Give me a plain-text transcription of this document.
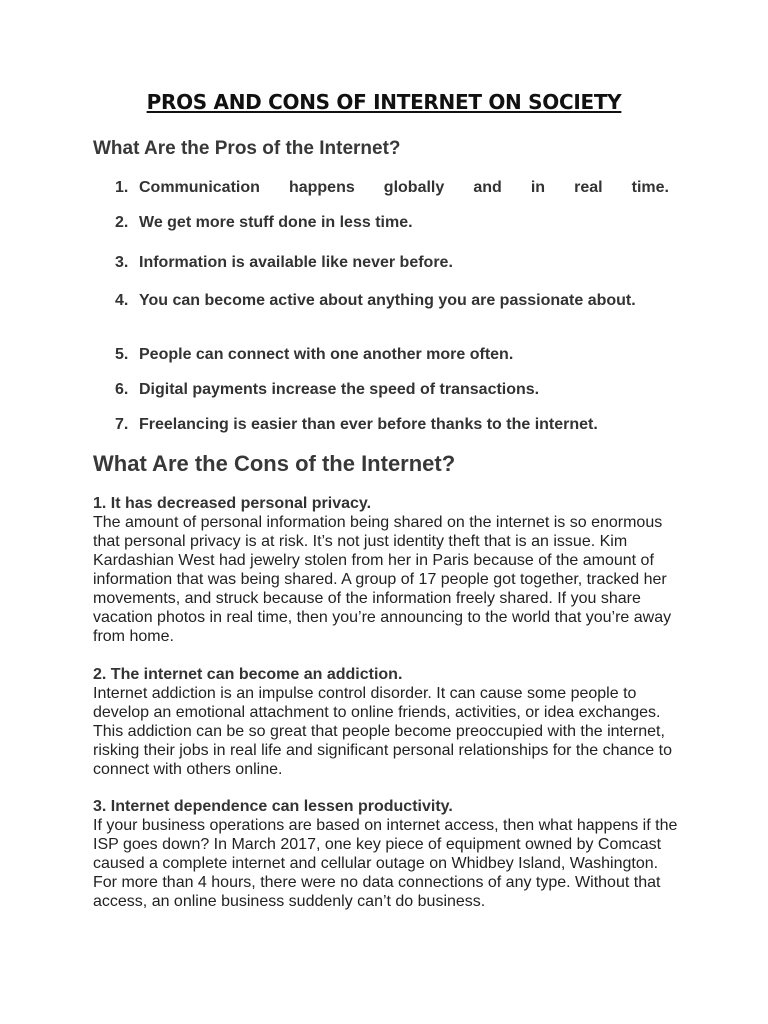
PROS AND CONS OF INTERNET ON SOCIETY
What Are the Pros of the Internet?
1. Communication happens globally and in real time.
2. We get more stuff done in less time.
3. Information is available like never before.
4. You can become active about anything you are passionate about.
5. People can connect with one another more often.
6. Digital payments increase the speed of transactions.
7. Freelancing is easier than ever before thanks to the internet.
What Are the Cons of the Internet?
1. It has decreased personal privacy.
The amount of personal information being shared on the internet is so enormous that personal privacy is at risk. It’s not just identity theft that is an issue. Kim Kardashian West had jewelry stolen from her in Paris because of the amount of information that was being shared. A group of 17 people got together, tracked her movements, and struck because of the information freely shared. If you share vacation photos in real time, then you’re announcing to the world that you’re away from home.
2. The internet can become an addiction.
Internet addiction is an impulse control disorder. It can cause some people to develop an emotional attachment to online friends, activities, or idea exchanges. This addiction can be so great that people become preoccupied with the internet, risking their jobs in real life and significant personal relationships for the chance to connect with others online.
3. Internet dependence can lessen productivity.
If your business operations are based on internet access, then what happens if the ISP goes down? In March 2017, one key piece of equipment owned by Comcast caused a complete internet and cellular outage on Whidbey Island, Washington. For more than 4 hours, there were no data connections of any type. Without that access, an online business suddenly can’t do business.
